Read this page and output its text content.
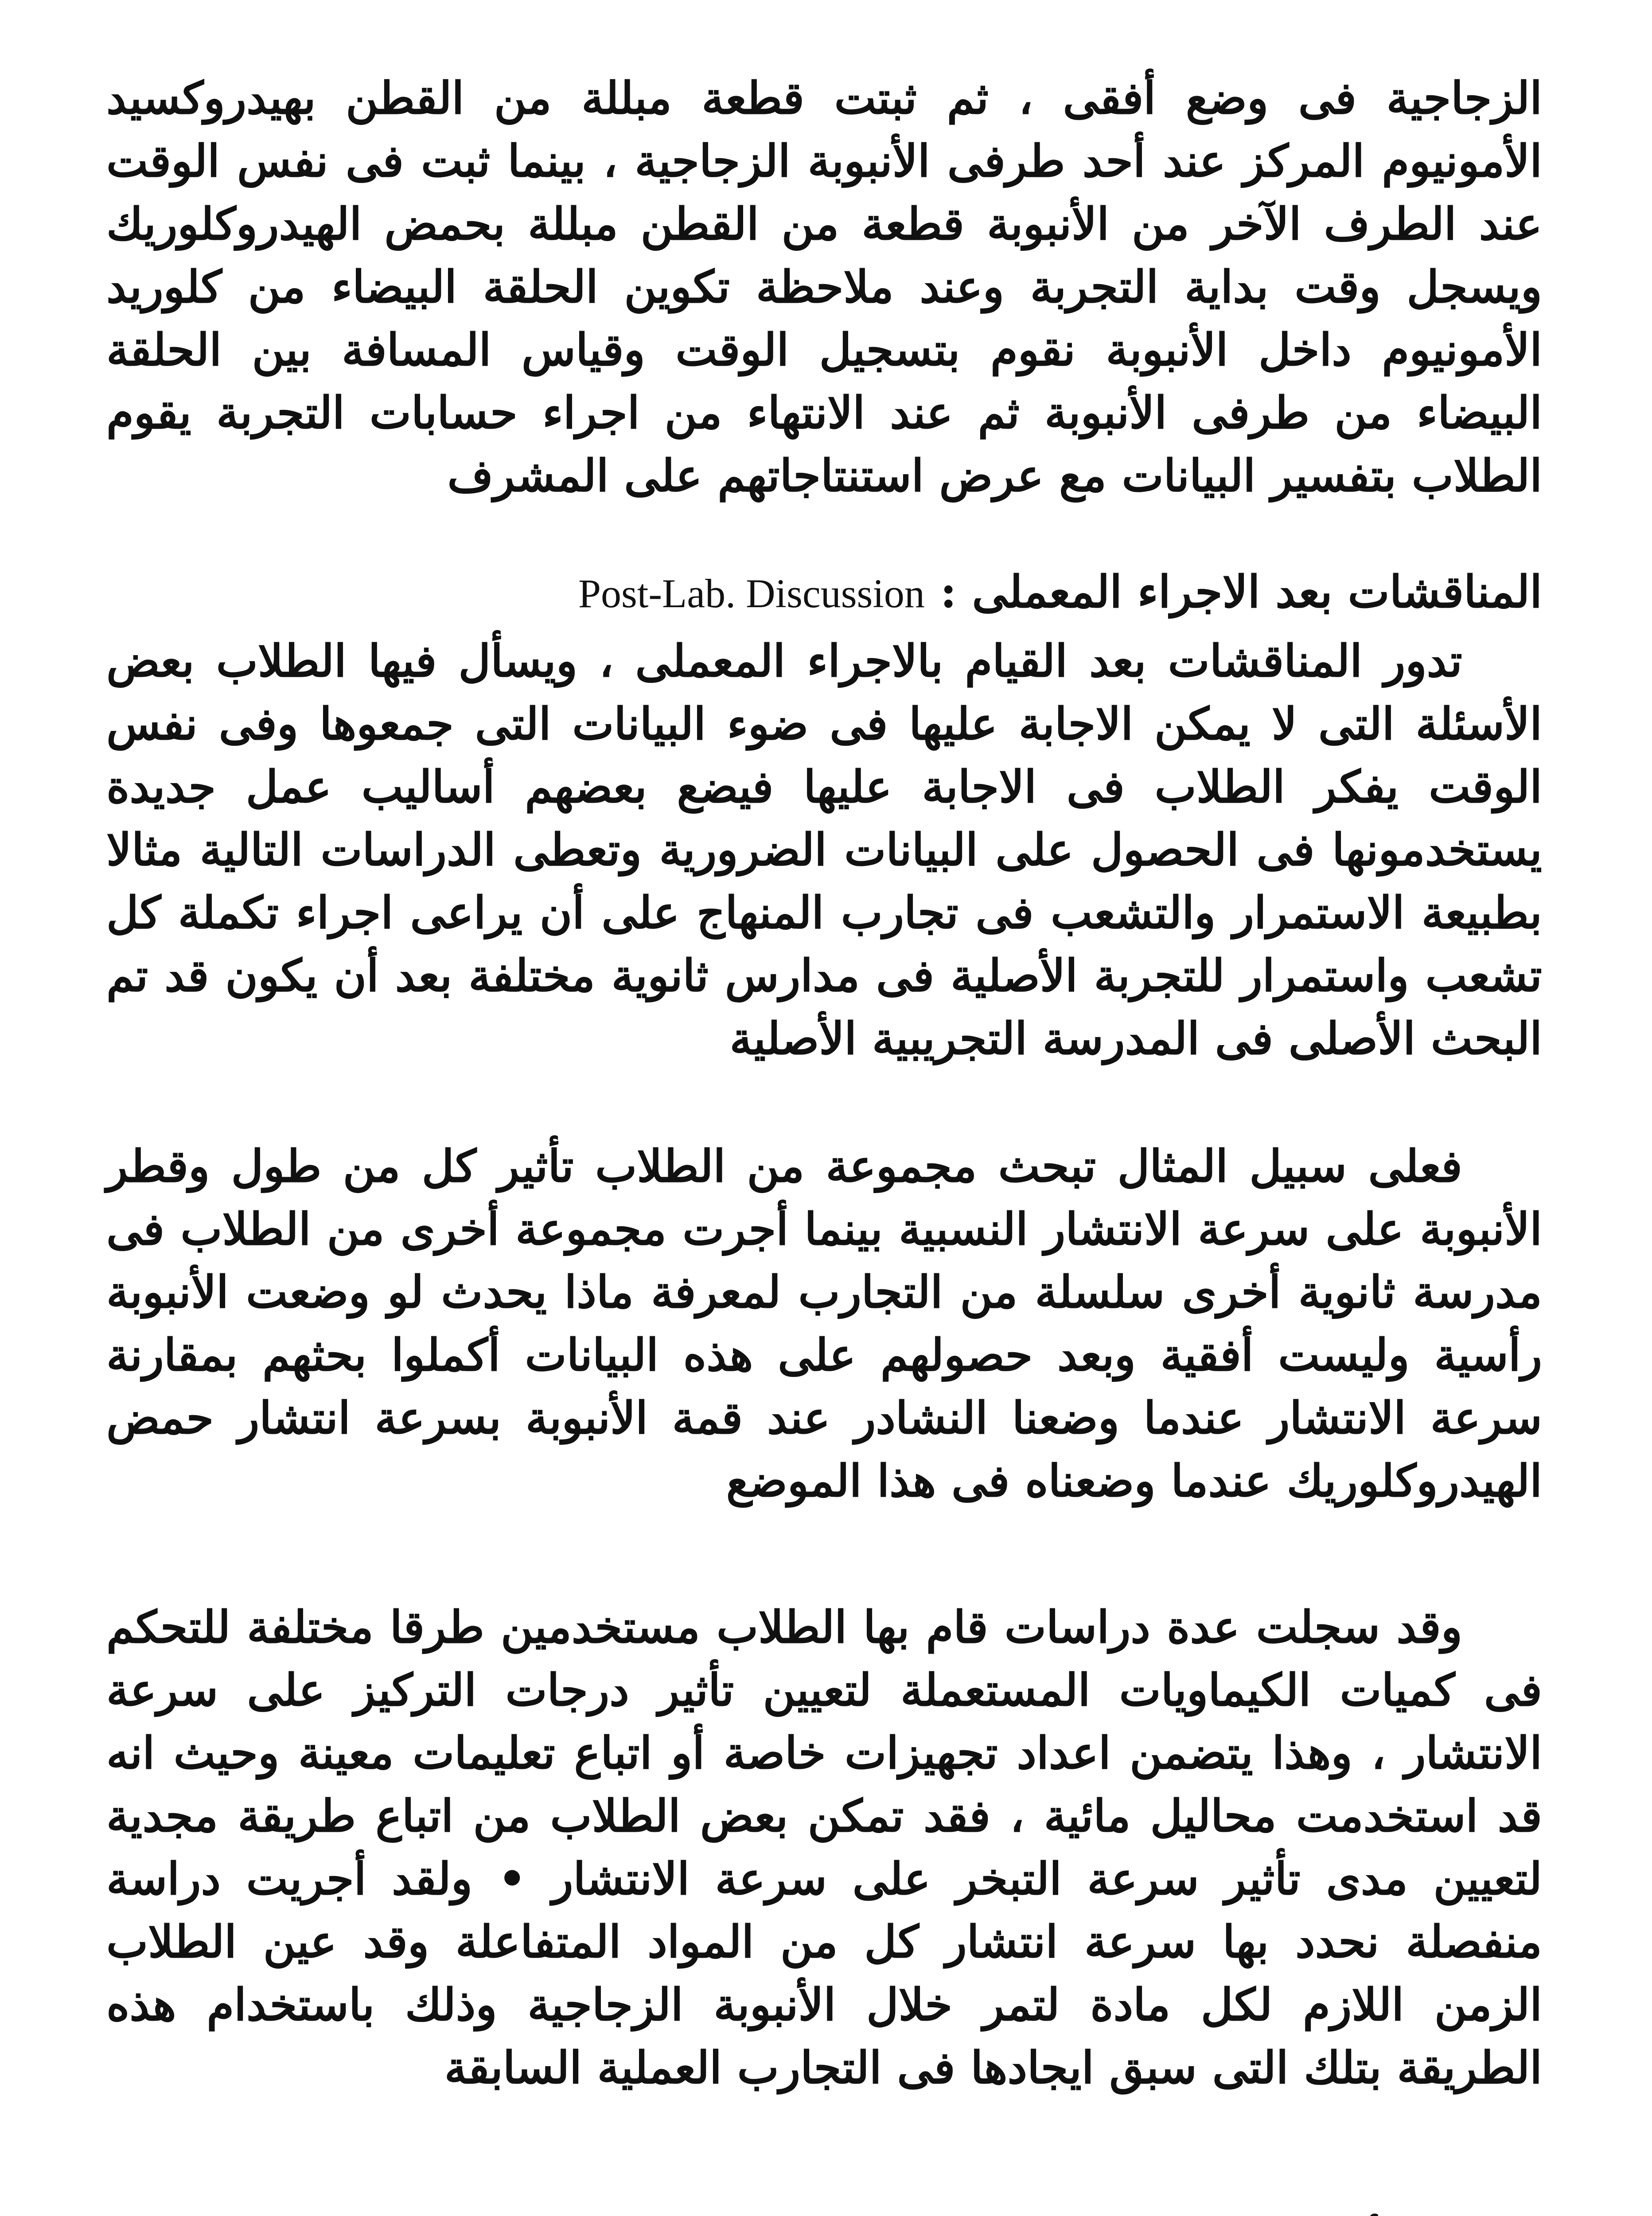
الزجاجية فى وضع أفقى ، ثم ثبتت قطعة مبللة من القطن بهيدروكسيد الأمونيوم المركز عند أحد طرفى الأنبوبة الزجاجية ، بينما ثبت فى نفس الوقت عند الطرف الآخر من الأنبوبة قطعة من القطن مبللة بحمض الهيدروكلوريك ويسجل وقت بداية التجربة وعند ملاحظة تكوين الحلقة البيضاء من كلوريد الأمونيوم داخل الأنبوبة نقوم بتسجيل الوقت وقياس المسافة بين الحلقة البيضاء من طرفى الأنبوبة ثم عند الانتهاء من اجراء حسابات التجربة يقوم الطلاب بتفسير البيانات مع عرض استنتاجاتهم على المشرف

المناقشات بعد الاجراء المعملى : Post-Lab. Discussion

تدور المناقشات بعد القيام بالاجراء المعملى ، ويسأل فيها الطلاب بعض الأسئلة التى لا يمكن الاجابة عليها فى ضوء البيانات التى جمعوها وفى نفس الوقت يفكر الطلاب فى الاجابة عليها فيضع بعضهم أساليب عمل جديدة يستخدمونها فى الحصول على البيانات الضرورية وتعطى الدراسات التالية مثالا بطبيعة الاستمرار والتشعب فى تجارب المنهاج على أن يراعى اجراء تكملة كل تشعب واستمرار للتجربة الأصلية فى مدارس ثانوية مختلفة بعد أن يكون قد تم البحث الأصلى فى المدرسة التجريبية الأصلية

فعلى سبيل المثال تبحث مجموعة من الطلاب تأثير كل من طول وقطر الأنبوبة على سرعة الانتشار النسبية بينما أجرت مجموعة أخرى من الطلاب فى مدرسة ثانوية أخرى سلسلة من التجارب لمعرفة ماذا يحدث لو وضعت الأنبوبة رأسية وليست أفقية وبعد حصولهم على هذه البيانات أكملوا بحثهم بمقارنة سرعة الانتشار عندما وضعنا النشادر عند قمة الأنبوبة بسرعة انتشار حمض الهيدروكلوريك عندما وضعناه فى هذا الموضع

وقد سجلت عدة دراسات قام بها الطلاب مستخدمين طرقا مختلفة للتحكم فى كميات الكيماويات المستعملة لتعيين تأثير درجات التركيز على سرعة الانتشار ، وهذا يتضمن اعداد تجهيزات خاصة أو اتباع تعليمات معينة وحيث انه قد استخدمت محاليل مائية ، فقد تمكن بعض الطلاب من اتباع طريقة مجدية لتعيين مدى تأثير سرعة التبخر على سرعة الانتشار • ولقد أجريت دراسة منفصلة نحدد بها سرعة انتشار كل من المواد المتفاعلة وقد عين الطلاب الزمن اللازم لكل مادة لتمر خلال الأنبوبة الزجاجية وذلك باستخدام هذه الطريقة بتلك التى سبق ايجادها فى التجارب العملية السابقة
